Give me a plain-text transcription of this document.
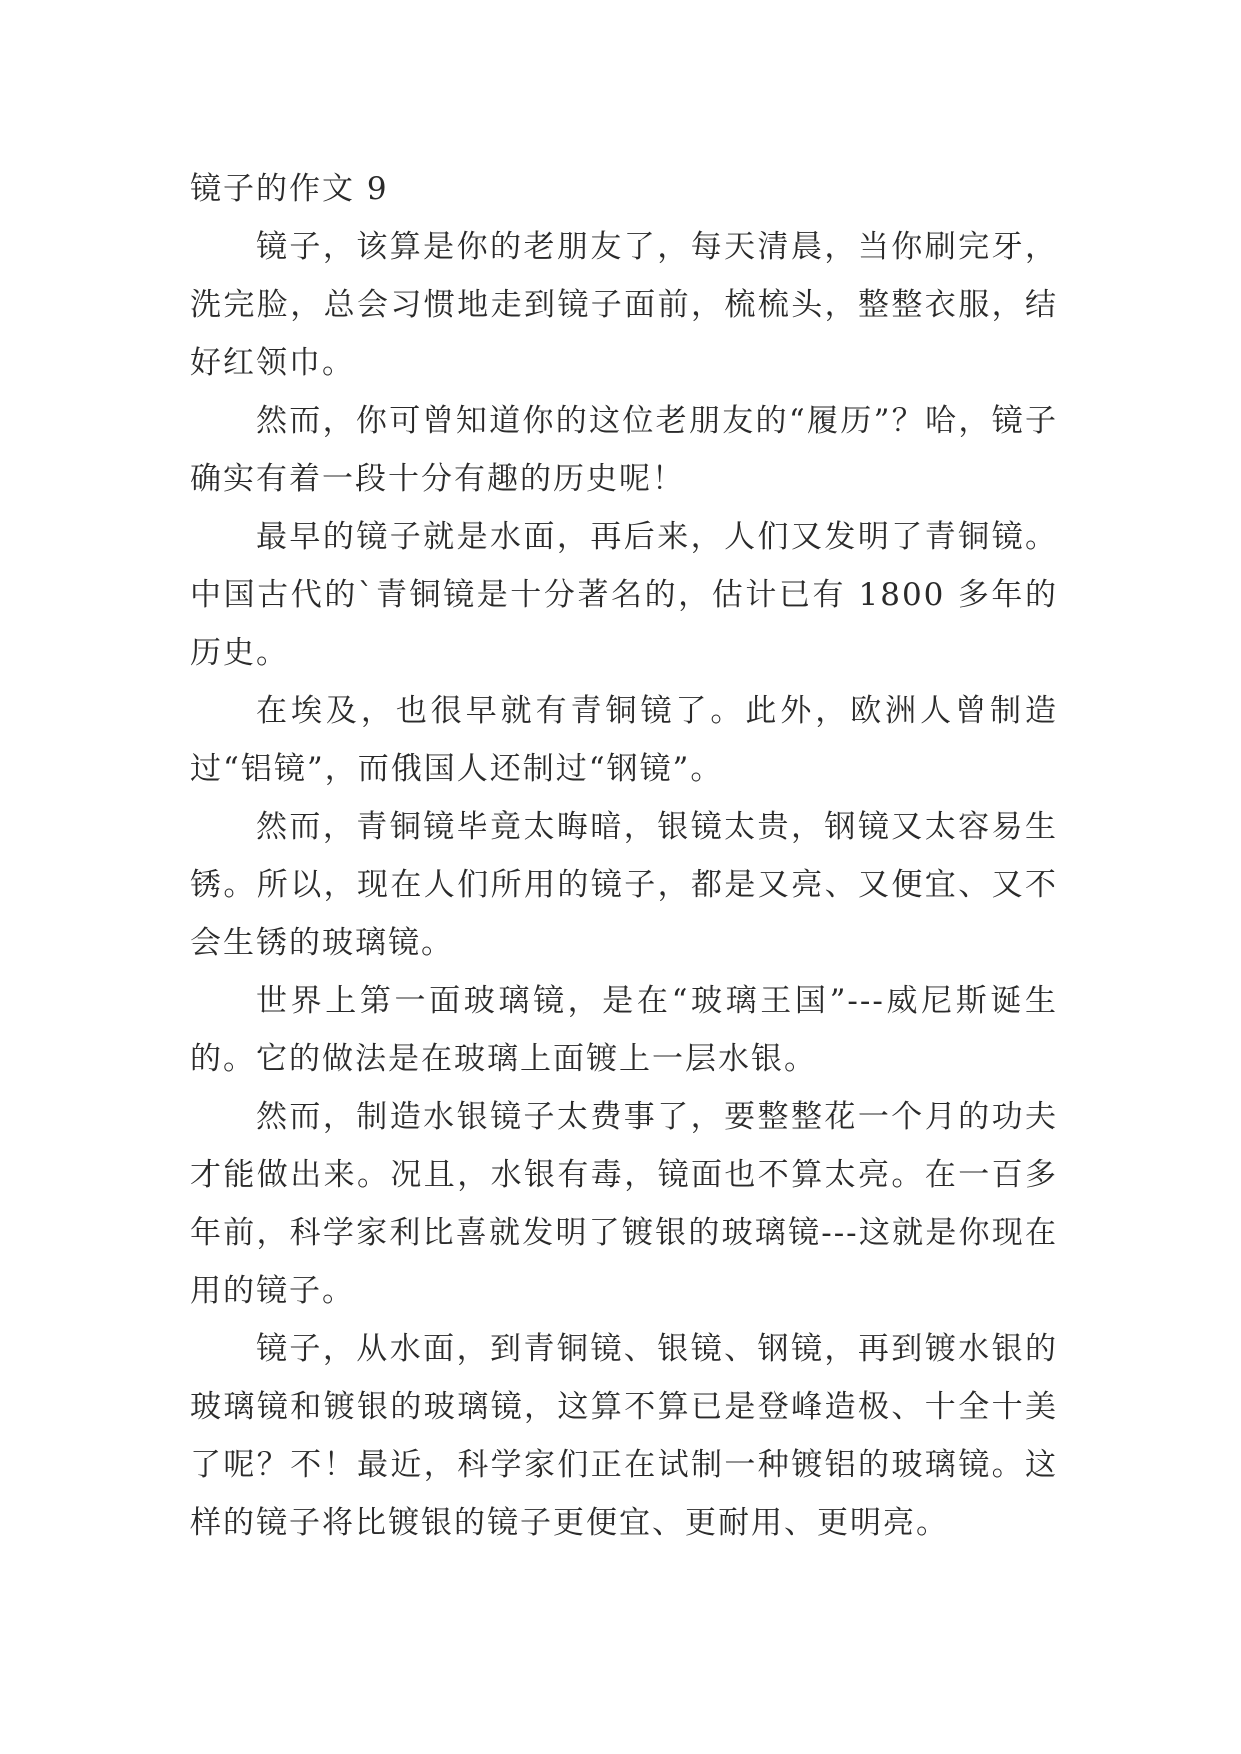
镜子的作文 9

镜子，该算是你的老朋友了，每天清晨，当你刷完牙，洗完脸，总会习惯地走到镜子面前，梳梳头，整整衣服，结好红领巾。

然而，你可曾知道你的这位老朋友的“履历”？哈，镜子确实有着一段十分有趣的历史呢！

最早的镜子就是水面，再后来，人们又发明了青铜镜。中国古代的`青铜镜是十分著名的，估计已有 1800 多年的历史。

在埃及，也很早就有青铜镜了。此外，欧洲人曾制造过“铝镜”，而俄国人还制过“钢镜”。

然而，青铜镜毕竟太晦暗，银镜太贵，钢镜又太容易生锈。所以，现在人们所用的镜子，都是又亮、又便宜、又不会生锈的玻璃镜。

世界上第一面玻璃镜，是在“玻璃王国”---威尼斯诞生的。它的做法是在玻璃上面镀上一层水银。

然而，制造水银镜子太费事了，要整整花一个月的功夫才能做出来。况且，水银有毒，镜面也不算太亮。在一百多年前，科学家利比喜就发明了镀银的玻璃镜---这就是你现在用的镜子。

镜子，从水面，到青铜镜、银镜、钢镜，再到镀水银的玻璃镜和镀银的玻璃镜，这算不算已是登峰造极、十全十美了呢？不！最近，科学家们正在试制一种镀铝的玻璃镜。这样的镜子将比镀银的镜子更便宜、更耐用、更明亮。
